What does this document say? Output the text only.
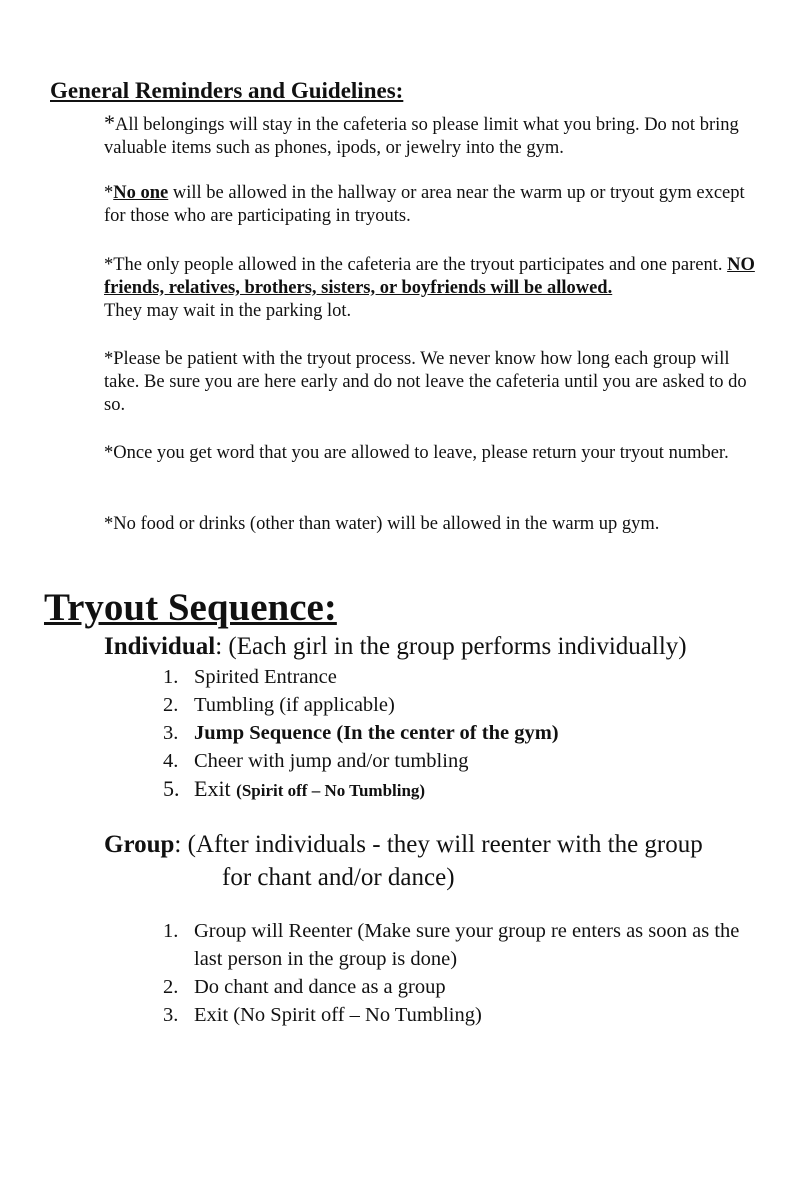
General Reminders and Guidelines:

*All belongings will stay in the cafeteria so please limit what you bring. Do not bring valuable items such as phones, ipods, or jewelry into the gym.

*No one will be allowed in the hallway or area near the warm up or tryout gym except for those who are participating in tryouts.

*The only people allowed in the cafeteria are the tryout participates and one parent. NO friends, relatives, brothers, sisters, or boyfriends will be allowed.
They may wait in the parking lot.

*Please be patient with the tryout process. We never know how long each group will take. Be sure you are here early and do not leave the cafeteria until you are asked to do so.

*Once you get word that you are allowed to leave, please return your tryout number.

*No food or drinks (other than water) will be allowed in the warm up gym.

Tryout Sequence:

Individual: (Each girl in the group performs individually)

1. Spirited Entrance
2. Tumbling (if applicable)
3. Jump Sequence (In the center of the gym)
4. Cheer with jump and/or tumbling
5. Exit (Spirit off – No Tumbling)

Group: (After individuals - they will reenter with the group
for chant and/or dance)

1. Group will Reenter (Make sure your group re enters as soon as the last person in the group is done)
2. Do chant and dance as a group
3. Exit (No Spirit off – No Tumbling)
